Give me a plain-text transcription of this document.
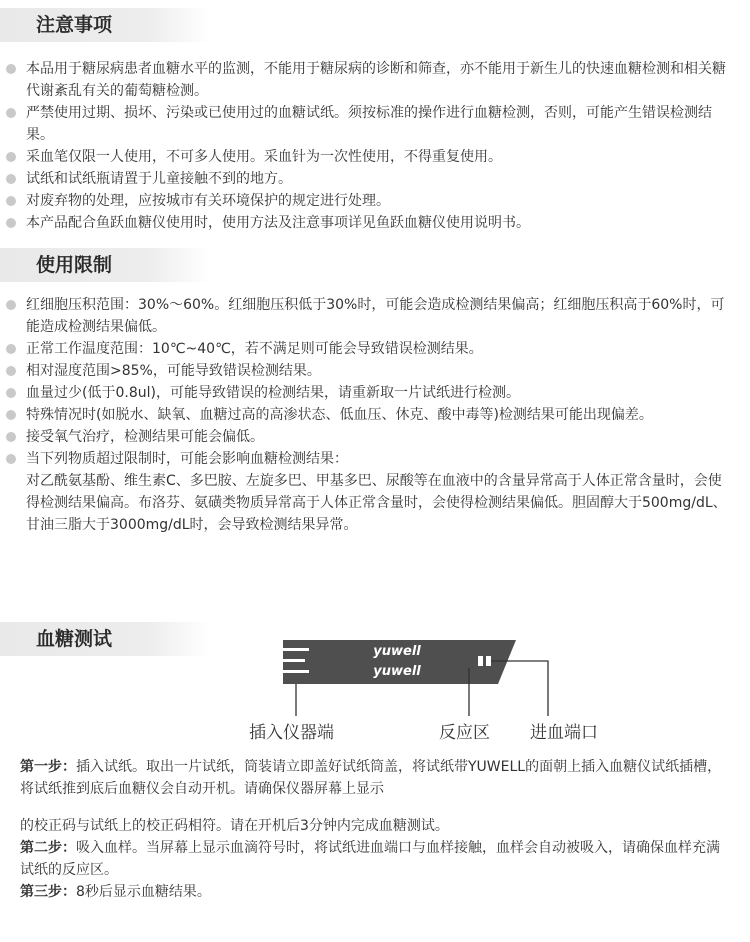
注意事项
本品用于糖尿病患者血糖水平的监测，不能用于糖尿病的诊断和筛查，亦不能用于新生儿的快速血糖检测和相关糖代谢紊乱有关的葡萄糖检测。
严禁使用过期、损坏、污染或已使用过的血糖试纸。须按标准的操作进行血糖检测，否则，可能产生错误检测结果。
采血笔仅限一人使用，不可多人使用。采血针为一次性使用，不得重复使用。
试纸和试纸瓶请置于儿童接触不到的地方。
对废弃物的处理，应按城市有关环境保护的规定进行处理。
本产品配合鱼跃血糖仪使用时，使用方法及注意事项详见鱼跃血糖仪使用说明书。
使用限制
红细胞压积范围：30%～60%。红细胞压积低于30%时，可能会造成检测结果偏高；红细胞压积高于60%时，可能造成检测结果偏低。
正常工作温度范围：10℃~40℃，若不满足则可能会导致错误检测结果。
相对湿度范围>85%，可能导致错误检测结果。
血量过少(低于0.8ul)，可能导致错误的检测结果，请重新取一片试纸进行检测。
特殊情况时(如脱水、缺氧、血糖过高的高渗状态、低血压、休克、酸中毒等)检测结果可能出现偏差。
接受氧气治疗，检测结果可能会偏低。
当下列物质超过限制时，可能会影响血糖检测结果：
对乙酰氨基酚、维生素C、多巴胺、左旋多巴、甲基多巴、尿酸等在血液中的含量异常高于人体正常含量时，会使得检测结果偏高。布洛芬、氨磺类物质异常高于人体正常含量时，会使得检测结果偏低。胆固醇大于500mg/dL、甘油三脂大于3000mg/dL时，会导致检测结果异常。
血糖测试
yuwell
yuwell
插入仪器端	反应区 进血端口
第一步：插入试纸。取出一片试纸，筒装请立即盖好试纸筒盖，将试纸带YUWELL的面朝上插入血糖仪试纸插槽，将试纸推到底后血糖仪会自动开机。请确保仪器屏幕上显示
的校正码与试纸上的校正码相符。请在开机后3分钟内完成血糖测试。
第二步：吸入血样。当屏幕上显示血滴符号时，将试纸进血端口与血样接触，血样会自动被吸入，请确保血样充满试纸的反应区。
第三步：8秒后显示血糖结果。
